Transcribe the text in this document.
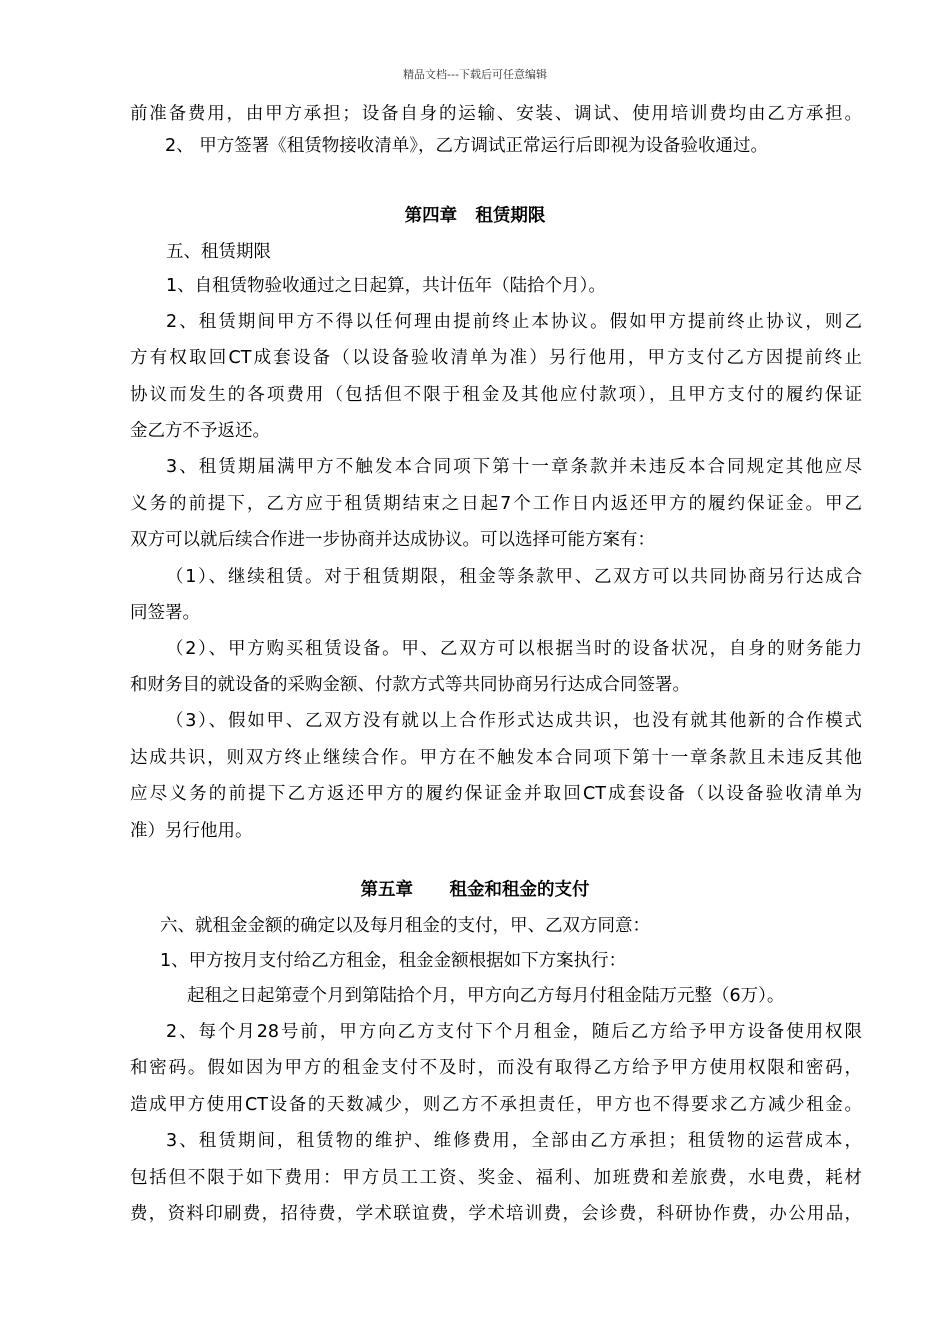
精品文档---下载后可任意编辑
前准备费用，由甲方承担；设备自身的运输、安装、调试、使用培训费均由乙方承担。
2、 甲方签署《租赁物接收清单》，乙方调试正常运行后即视为设备验收通过。
第四章   租赁期限
五、租赁期限
1、自租赁物验收通过之日起算，共计伍年（陆拾个月）。
2、租赁期间甲方不得以任何理由提前终止本协议。假如甲方提前终止协议，则乙
方有权取回CT成套设备（以设备验收清单为准）另行他用，甲方支付乙方因提前终止
协议而发生的各项费用（包括但不限于租金及其他应付款项），且甲方支付的履约保证
金乙方不予返还。
3、租赁期届满甲方不触发本合同项下第十一章条款并未违反本合同规定其他应尽
义务的前提下，乙方应于租赁期结束之日起7个工作日内返还甲方的履约保证金。甲乙
双方可以就后续合作进一步协商并达成协议。可以选择可能方案有：
（1）、继续租赁。对于租赁期限，租金等条款甲、乙双方可以共同协商另行达成合
同签署。
（2）、甲方购买租赁设备。甲、乙双方可以根据当时的设备状况，自身的财务能力
和财务目的就设备的采购金额、付款方式等共同协商另行达成合同签署。
（3）、假如甲、乙双方没有就以上合作形式达成共识，也没有就其他新的合作模式
达成共识，则双方终止继续合作。甲方在不触发本合同项下第十一章条款且未违反其他
应尽义务的前提下乙方返还甲方的履约保证金并取回CT成套设备（以设备验收清单为
准）另行他用。
第五章      租金和租金的支付
六、就租金金额的确定以及每月租金的支付，甲、乙双方同意：
1、甲方按月支付给乙方租金，租金金额根据如下方案执行：
起租之日起第壹个月到第陆拾个月，甲方向乙方每月付租金陆万元整（6万）。
2、每个月28号前，甲方向乙方支付下个月租金，随后乙方给予甲方设备使用权限
和密码。假如因为甲方的租金支付不及时，而没有取得乙方给予甲方使用权限和密码，
造成甲方使用CT设备的天数减少，则乙方不承担责任，甲方也不得要求乙方减少租金。
3、租赁期间，租赁物的维护、维修费用，全部由乙方承担；租赁物的运营成本，
包括但不限于如下费用：甲方员工工资、奖金、福利、加班费和差旅费，水电费，耗材
费，资料印刷费，招待费，学术联谊费，学术培训费，会诊费，科研协作费，办公用品，
